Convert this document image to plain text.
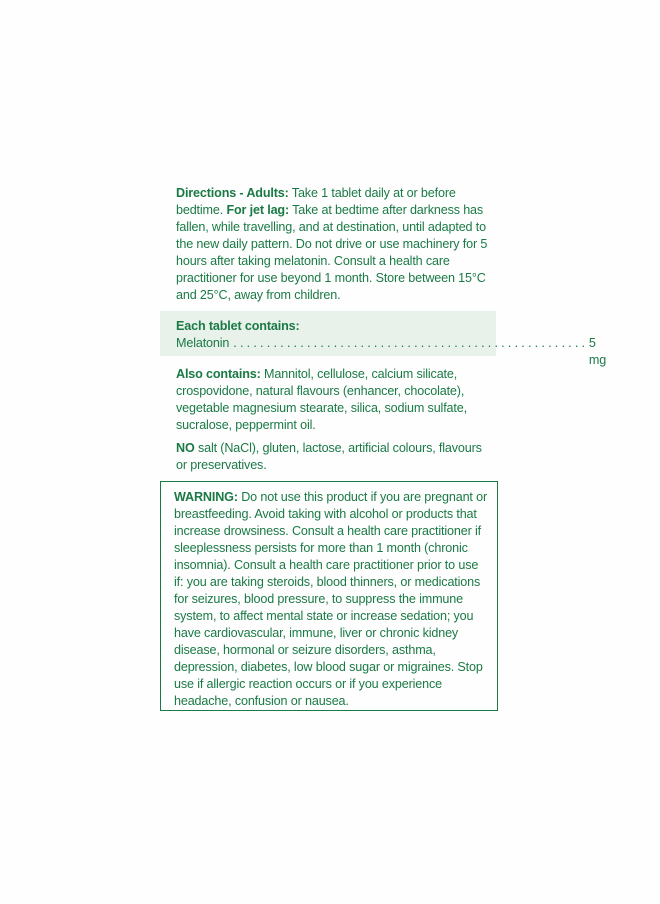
Directions - Adults: Take 1 tablet daily at or before bedtime. For jet lag: Take at bedtime after darkness has fallen, while travelling, and at destination, until adapted to the new daily pattern. Do not drive or use machinery for 5 hours after taking melatonin. Consult a health care practitioner for use beyond 1 month. Store between 15°C and 25°C, away from children.

Each tablet contains:

Melatonin . . . . . . . . . . . . . . . . . . . . . . . . . . . . . . . . . . . . . . . . . . . . . . . . . . . . . 5 mg

Also contains: Mannitol, cellulose, calcium silicate, crospovidone, natural flavours (enhancer, chocolate), vegetable magnesium stearate, silica, sodium sulfate, sucralose, peppermint oil.

NO salt (NaCl), gluten, lactose, artificial colours, flavours or preservatives.

WARNING: Do not use this product if you are pregnant or breastfeeding. Avoid taking with alcohol or products that increase drowsiness. Consult a health care practitioner if sleeplessness persists for more than 1 month (chronic insomnia). Consult a health care practitioner prior to use if: you are taking steroids, blood thinners, or medications for seizures, blood pressure, to suppress the immune system, to affect mental state or increase sedation; you have cardiovascular, immune, liver or chronic kidney disease, hormonal or seizure disorders, asthma, depression, diabetes, low blood sugar or migraines. Stop use if allergic reaction occurs or if you experience headache, confusion or nausea.
